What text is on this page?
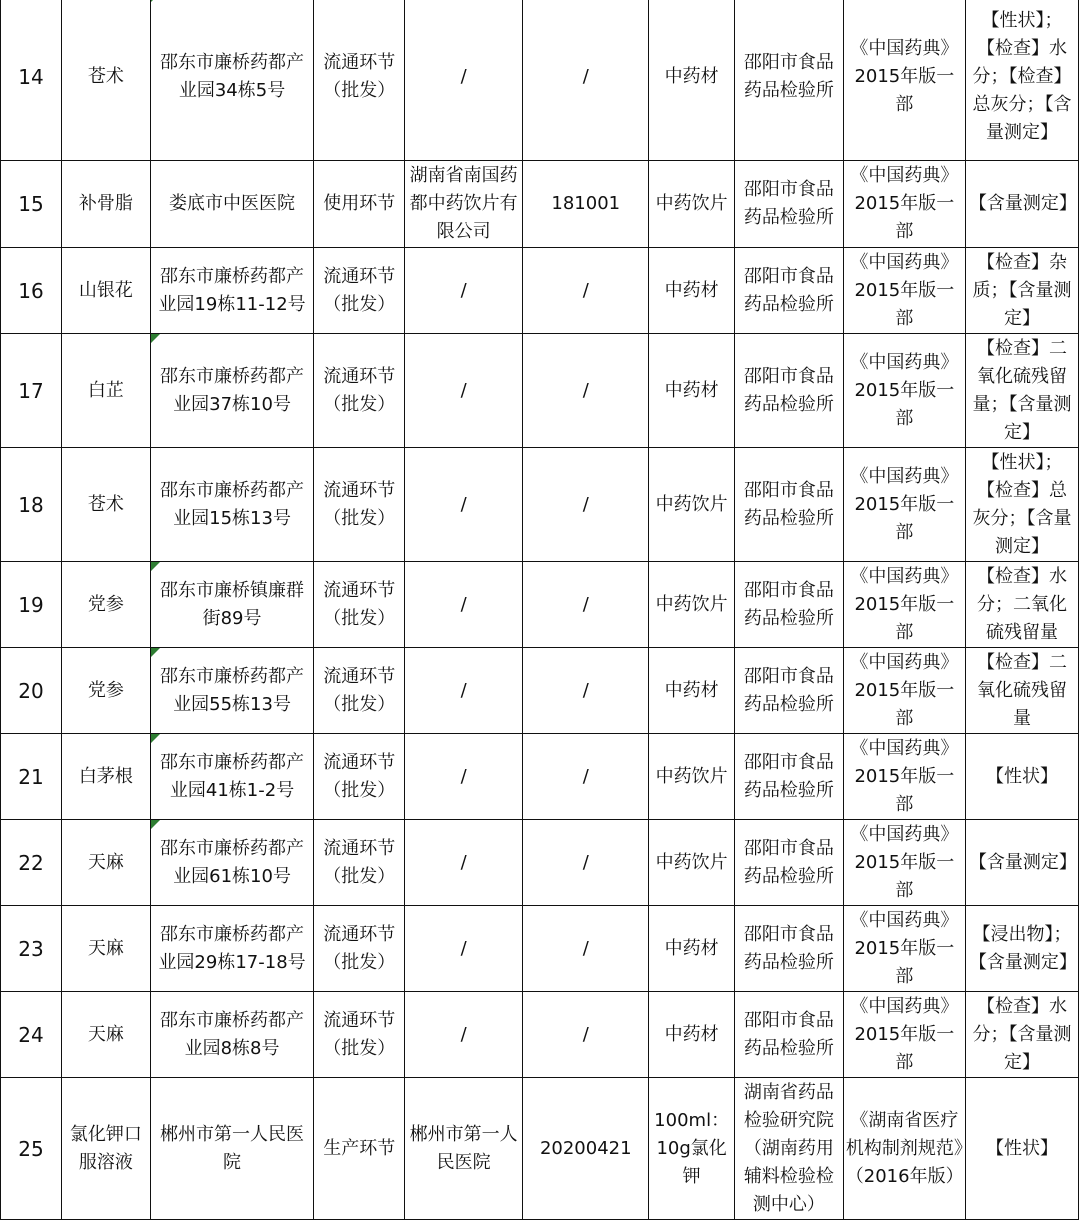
14	苍术	邵东市廉桥药都产业园34栋5号	流通环节（批发）	/	/	中药材	邵阳市食品药品检验所	《中国药典》2015年版一部	【性状】；【检查】水分；【检查】总灰分；【含量测定】
15	补骨脂	娄底市中医医院	使用环节	湖南省南国药都中药饮片有限公司	181001	中药饮片	邵阳市食品药品检验所	《中国药典》2015年版一部	【含量测定】
16	山银花	邵东市廉桥药都产业园19栋11-12号	流通环节（批发）	/	/	中药材	邵阳市食品药品检验所	《中国药典》2015年版一部	【检查】杂质；【含量测定】
17	白芷	邵东市廉桥药都产业园37栋10号	流通环节（批发）	/	/	中药材	邵阳市食品药品检验所	《中国药典》2015年版一部	【检查】二氧化硫残留量；【含量测定】
18	苍术	邵东市廉桥药都产业园15栋13号	流通环节（批发）	/	/	中药饮片	邵阳市食品药品检验所	《中国药典》2015年版一部	【性状】；【检查】总灰分；【含量测定】
19	党参	邵东市廉桥镇廉群街89号	流通环节（批发）	/	/	中药饮片	邵阳市食品药品检验所	《中国药典》2015年版一部	【检查】水分；二氧化硫残留量
20	党参	邵东市廉桥药都产业园55栋13号	流通环节（批发）	/	/	中药材	邵阳市食品药品检验所	《中国药典》2015年版一部	【检查】二氧化硫残留量
21	白茅根	邵东市廉桥药都产业园41栋1-2号	流通环节（批发）	/	/	中药饮片	邵阳市食品药品检验所	《中国药典》2015年版一部	【性状】
22	天麻	邵东市廉桥药都产业园61栋10号	流通环节（批发）	/	/	中药饮片	邵阳市食品药品检验所	《中国药典》2015年版一部	【含量测定】
23	天麻	邵东市廉桥药都产业园29栋17-18号	流通环节（批发）	/	/	中药材	邵阳市食品药品检验所	《中国药典》2015年版一部	【浸出物】；【含量测定】
24	天麻	邵东市廉桥药都产业园8栋8号	流通环节（批发）	/	/	中药材	邵阳市食品药品检验所	《中国药典》2015年版一部	【检查】水分；【含量测定】
25	氯化钾口服溶液	郴州市第一人民医院	生产环节	郴州市第一人民医院	20200421	100ml：10g氯化钾	湖南省药品检验研究院（湖南药用辅料检验检测中心）	《湖南省医疗机构制剂规范》（2016年版）	【性状】
